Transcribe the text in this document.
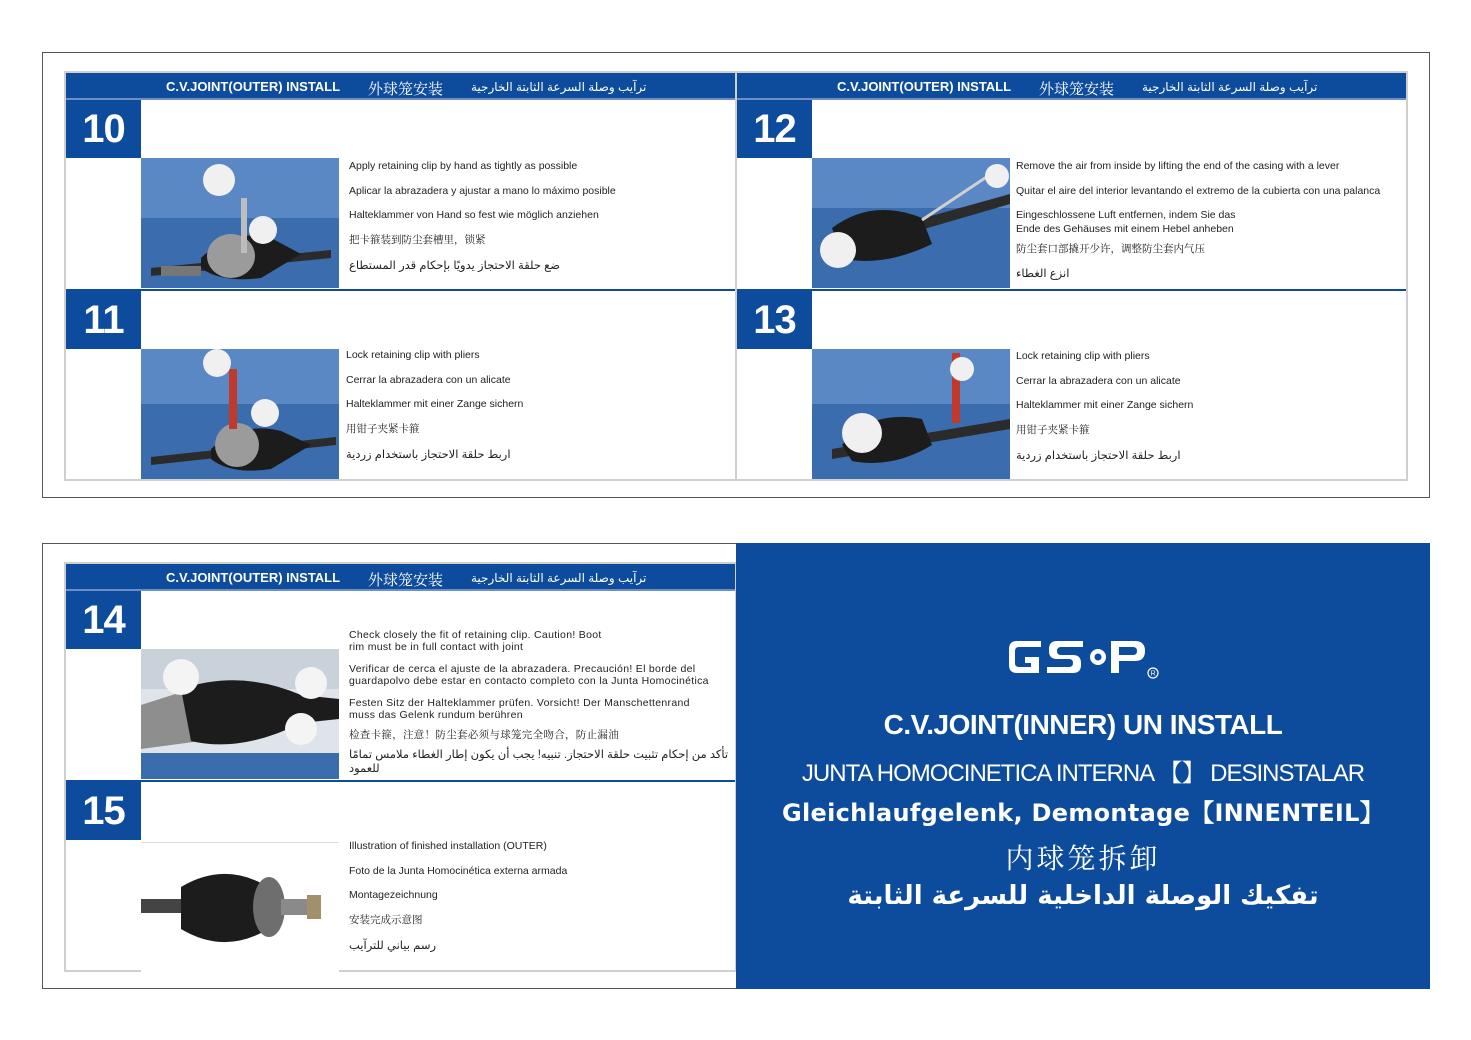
C.V.JOINT(OUTER) INSTALL 外球笼安装 ترآيب وصلة السرعة الثابتة الخارجية
10

Apply retaining clip by hand as tightly as possible

Aplicar la abrazadera y ajustar a mano lo máximo posible

Halteklammer von Hand so fest wie möglich anziehen

把卡箍装到防尘套槽里，锁紧

ضع حلقة الاحتجاز يدويًا بإحكام قدر المستطاع

11

Lock retaining clip with pliers

Cerrar la abrazadera con un alicate

Halteklammer mit einer Zange sichern

用钳子夹紧卡箍

اربط حلقة الاحتجاز باستخدام زردية

C.V.JOINT(OUTER) INSTALL 外球笼安装 ترآيب وصلة السرعة الثابتة الخارجية
12

Remove the air from inside by lifting the end of the casing with a lever

Quitar el aire del interior levantando el extremo de la cubierta con una palanca

Eingeschlossene Luft entfernen, indem Sie das Ende des Gehäuses mit einem Hebel anheben

防尘套口部撬开少许，调整防尘套内气压

انزع الغطاء

13

Lock retaining clip with pliers

Cerrar la abrazadera con un alicate

Halteklammer mit einer Zange sichern

用钳子夹紧卡箍

اربط حلقة الاحتجاز باستخدام زردية

C.V.JOINT(OUTER) INSTALL 外球笼安装 ترآيب وصلة السرعة الثابتة الخارجية
14	Check closely the fit of retaining clip. Caution! Boot rim must be in full contact with joint

Verificar de cerca el ajuste de la abrazadera. Precaución! El borde del guardapolvo debe estar en contacto completo con la Junta Homocinética

Festen Sitz der Halteklammer prüfen. Vorsicht! Der Manschettenrand muss das Gelenk rundum berühren

检查卡箍，注意！防尘套必须与球笼完全吻合，防止漏油

تأكد من إحكام تثبيت حلقة الاحتجاز. تنبيه! يجب أن يكون إطار الغطاء ملامس تمامًا للعمود

15

Illustration of finished installation (OUTER)

Foto de la Junta Homocinética externa armada

Montagezeichnung

安装完成示意图

رسم بياني للترآيب

R
C.V.JOINT(INNER) UN INSTALL
JUNTA HOMOCINETICA INTERNA 【】 DESINSTALAR
Gleichlaufgelenk, Demontage【INNENTEIL】
内球笼拆卸
تفكيك الوصلة الداخلية للسرعة الثابتة
